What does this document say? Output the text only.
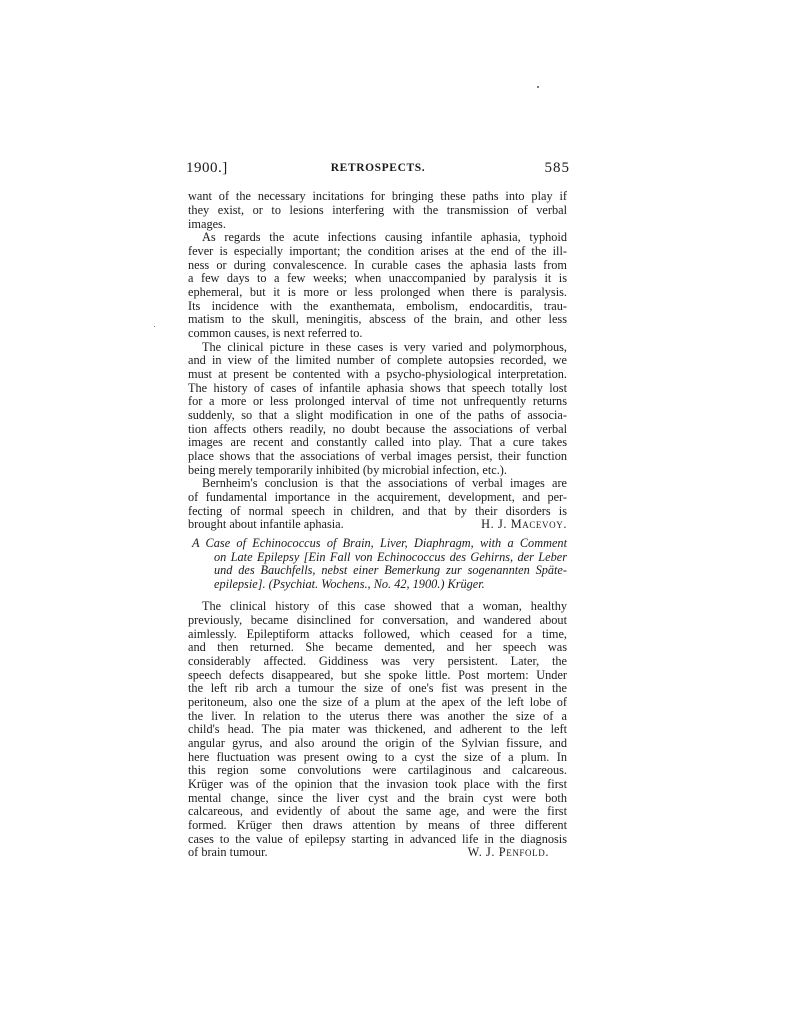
1900.]	RETROSPECTS.	585
want of the necessary incitations for bringing these paths into play if
they exist, or to lesions interfering with the transmission of verbal
images.
As regards the acute infections causing infantile aphasia, typhoid
fever is especially important; the condition arises at the end of the ill-
ness or during convalescence. In curable cases the aphasia lasts from
a few days to a few weeks; when unaccompanied by paralysis it is
ephemeral, but it is more or less prolonged when there is paralysis.
Its incidence with the exanthemata, embolism, endocarditis, trau-
matism to the skull, meningitis, abscess of the brain, and other less
common causes, is next referred to.
The clinical picture in these cases is very varied and polymorphous,
and in view of the limited number of complete autopsies recorded, we
must at present be contented with a psycho-physiological interpretation.
The history of cases of infantile aphasia shows that speech totally lost
for a more or less prolonged interval of time not unfrequently returns
suddenly, so that a slight modification in one of the paths of associa-
tion affects others readily, no doubt because the associations of verbal
images are recent and constantly called into play. That a cure takes
place shows that the associations of verbal images persist, their function
being merely temporarily inhibited (by microbial infection, etc.).
Bernheim's conclusion is that the associations of verbal images are
of fundamental importance in the acquirement, development, and per-
fecting of normal speech in children, and that by their disorders is
brought about infantile aphasia.	H. J. Macevoy.
A Case of Echinococcus of Brain, Liver, Diaphragm, with a Comment
on Late Epilepsy [Ein Fall von Echinococcus des Gehirns, der Leber
und des Bauchfells, nebst einer Bemerkung zur sogenannten Späte-
epilepsie]. (Psychiat. Wochens., No. 42, 1900.) Krüger.
The clinical history of this case showed that a woman, healthy
previously, became disinclined for conversation, and wandered about
aimlessly. Epileptiform attacks followed, which ceased for a time,
and then returned. She became demented, and her speech was
considerably affected. Giddiness was very persistent. Later, the
speech defects disappeared, but she spoke little. Post mortem: Under
the left rib arch a tumour the size of one's fist was present in the
peritoneum, also one the size of a plum at the apex of the left lobe of
the liver. In relation to the uterus there was another the size of a
child's head. The pia mater was thickened, and adherent to the left
angular gyrus, and also around the origin of the Sylvian fissure, and
here fluctuation was present owing to a cyst the size of a plum. In
this region some convolutions were cartilaginous and calcareous.
Krüger was of the opinion that the invasion took place with the first
mental change, since the liver cyst and the brain cyst were both
calcareous, and evidently of about the same age, and were the first
formed. Krüger then draws attention by means of three different
cases to the value of epilepsy starting in advanced life in the diagnosis
of brain tumour.	W. J. Penfold.
